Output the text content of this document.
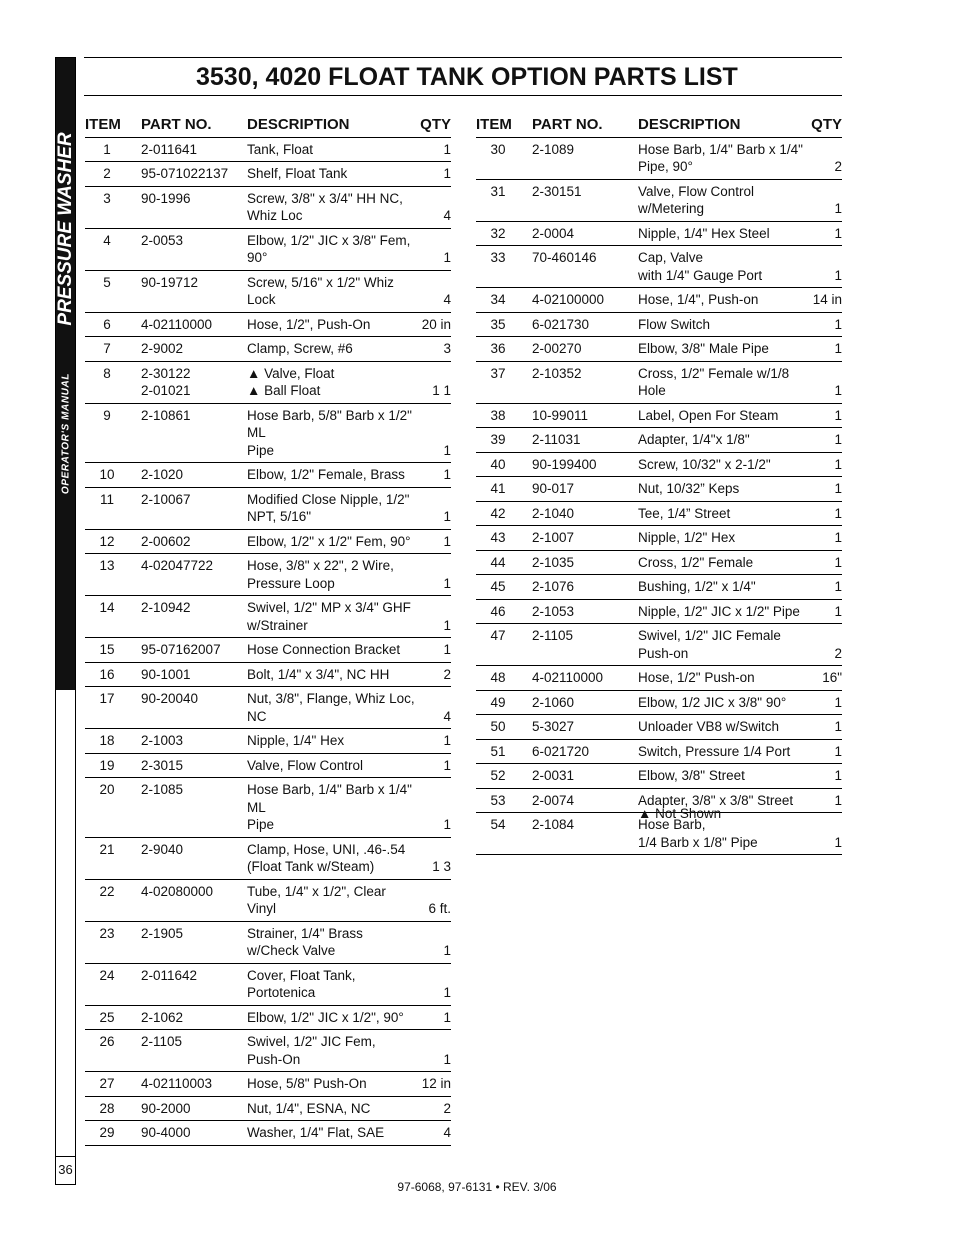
PRESSURE WASHER
OPERATOR'S MANUAL
36
3530, 4020 FLOAT TANK OPTION PARTS LIST
ITEM	PART NO.	DESCRIPTION	QTY
1	2-011641	Tank, Float	1
2	95-071022137	Shelf, Float Tank	1
3	90-1996	Screw, 3/8" x 3/4" HH NC,
Whiz Loc	4
4	2-0053	Elbow, 1/2" JIC x 3/8" Fem,
90°	1
5	90-19712	Screw, 5/16" x 1/2" Whiz Lock	4
6	4-02110000	Hose, 1/2", Push-On	20 in
7	2-9002	Clamp, Screw, #6	3
8	2-30122
2-01021	▲ Valve, Float
▲ Ball Float	1 1
9	2-10861	Hose Barb, 5/8" Barb x 1/2" ML
Pipe	1
10	2-1020	Elbow, 1/2" Female, Brass	1
11	2-10067	Modified Close Nipple, 1/2"
NPT, 5/16"	1
12	2-00602	Elbow, 1/2" x 1/2" Fem, 90°	1
13	4-02047722	Hose, 3/8" x 22", 2 Wire,
Pressure Loop	1
14	2-10942	Swivel, 1/2" MP x 3/4" GHF
w/Strainer	1
15	95-07162007	Hose Connection Bracket	1
16	90-1001	Bolt, 1/4" x 3/4", NC HH	2
17	90-20040	Nut, 3/8", Flange, Whiz Loc,
NC	4
18	2-1003	Nipple, 1/4" Hex	1
19	2-3015	Valve, Flow Control	1
20	2-1085	Hose Barb, 1/4" Barb x 1/4" ML
Pipe	1
21	2-9040	Clamp, Hose, UNI, .46-.54
(Float Tank w/Steam)	1 3
22	4-02080000	Tube, 1/4" x 1/2", Clear
Vinyl	6 ft.
23	2-1905	Strainer, 1/4" Brass
w/Check Valve	1
24	2-011642	Cover, Float Tank, Portotenica	1
25	2-1062	Elbow, 1/2" JIC x 1/2", 90°	1
26	2-1105	Swivel, 1/2" JIC Fem,
Push-On	1
27	4-02110003	Hose, 5/8" Push-On	12 in
28	90-2000	Nut, 1/4", ESNA, NC	2
29	90-4000	Washer, 1/4" Flat, SAE	4
ITEM	PART NO.	DESCRIPTION	QTY
30	2-1089	Hose Barb, 1/4" Barb x 1/4"
Pipe, 90°	2
31	2-30151	Valve, Flow Control
w/Metering	1
32	2-0004	Nipple, 1/4" Hex Steel	1
33	70-460146	Cap, Valve
with 1/4" Gauge Port	1
34	4-02100000	Hose, 1/4", Push-on	14 in
35	6-021730	Flow Switch	1
36	2-00270	Elbow, 3/8" Male Pipe	1
37	2-10352	Cross, 1/2" Female w/1/8 Hole	1
38	10-99011	Label, Open For Steam	1
39	2-11031	Adapter, 1/4"x 1/8"	1
40	90-199400	Screw, 10/32" x 2-1/2"	1
41	90-017	Nut, 10/32” Keps	1
42	2-1040	Tee, 1/4” Street	1
43	2-1007	Nipple, 1/2" Hex	1
44	2-1035	Cross, 1/2" Female	1
45	2-1076	Bushing, 1/2" x 1/4"	1
46	2-1053	Nipple, 1/2" JIC x 1/2" Pipe	1
47	2-1105	Swivel, 1/2" JIC Female
Push-on	2
48	4-02110000	Hose, 1/2" Push-on	16"
49	2-1060	Elbow, 1/2 JIC x 3/8" 90°	1
50	5-3027	Unloader VB8 w/Switch	1
51	6-021720	Switch, Pressure 1/4 Port	1
52	2-0031	Elbow, 3/8" Street	1
53	2-0074	Adapter, 3/8" x 3/8" Street	1
54	2-1084	Hose Barb,
1/4 Barb x 1/8" Pipe	1
▲ Not Shown
97-6068, 97-6131 • REV. 3/06
